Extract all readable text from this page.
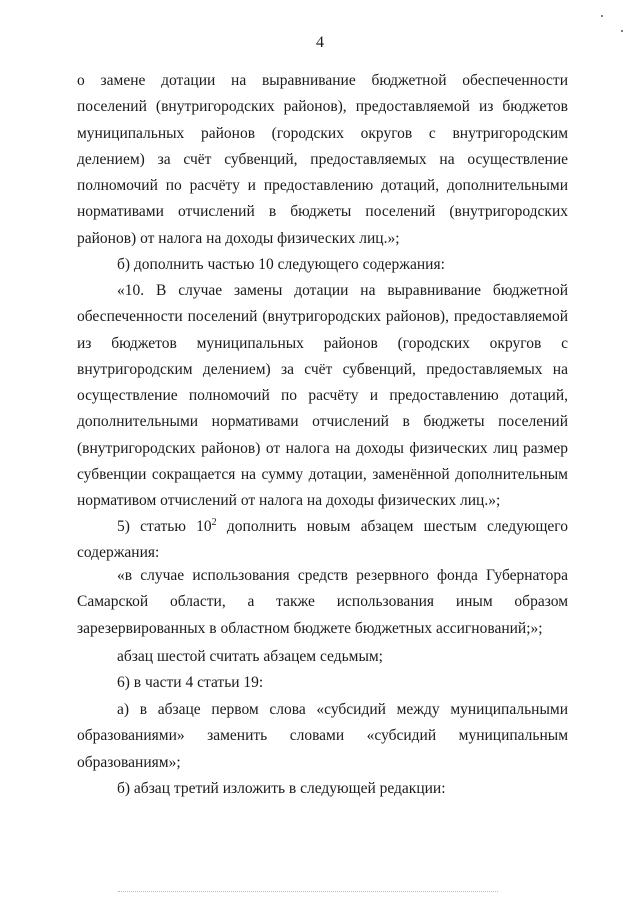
4

о замене дотации на выравнивание бюджетной обеспеченности поселений (внутригородских районов), предоставляемой из бюджетов муниципальных районов (городских округов с внутригородским делением) за счёт субвенций, предоставляемых на осуществление полномочий по расчёту и предоставлению дотаций, дополнительными нормативами отчислений в бюджеты поселений (внутригородских районов) от налога на доходы физических лиц.»;

б) дополнить частью 10 следующего содержания:

«10. В случае замены дотации на выравнивание бюджетной обеспеченности поселений (внутригородских районов), предоставляемой из бюджетов муниципальных районов (городских округов с внутригородским делением) за счёт субвенций, предоставляемых на осуществление полномочий по расчёту и предоставлению дотаций, дополнительными нормативами отчислений в бюджеты поселений (внутригородских районов) от налога на доходы физических лиц размер субвенции сокращается на сумму дотации, заменённой дополнительным нормативом отчислений от налога на доходы физических лиц.»;

5) статью $10^2$ дополнить новым абзацем шестым следующего содержания:

«в случае использования средств резервного фонда Губернатора Самарской области, а также использования иным образом зарезервированных в областном бюджете бюджетных ассигнований;»;

абзац шестой считать абзацем седьмым;

6) в части 4 статьи 19:

а) в абзаце первом слова «субсидий между муниципальными образованиями» заменить словами «субсидий муниципальным образованиям»;

б) абзац третий изложить в следующей редакции:
